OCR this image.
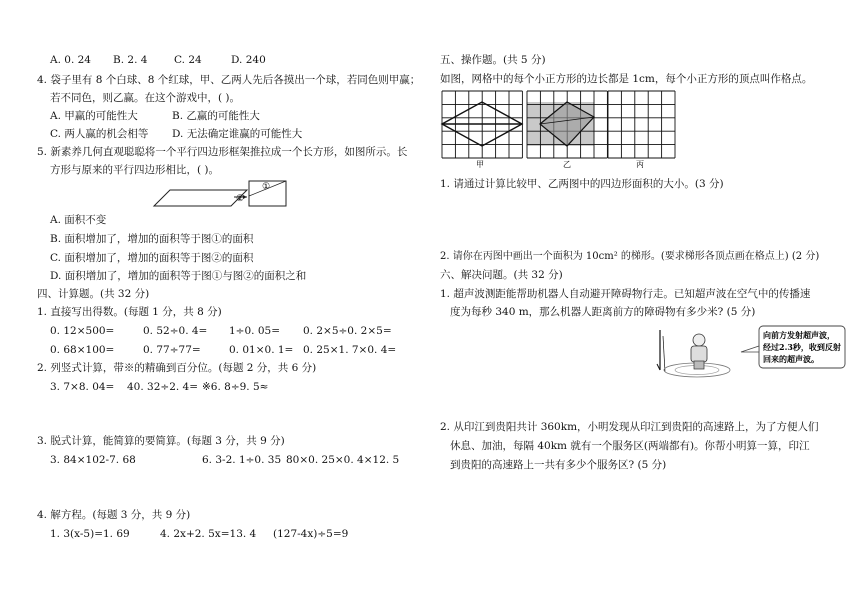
A. 0. 24 B. 2. 4	C. 24	D. 240
4. 袋子里有 8 个白球、8 个红球，甲、乙两人先后各摸出一个球，若同色则甲赢；
若不同色，则乙赢。在这个游戏中，( )。
A. 甲赢的可能性大	B. 乙赢的可能性大
C. 两人赢的机会相等 D. 无法确定谁赢的可能性大
5. 新素养几何直观聪聪将一个平行四边形框架推拉成一个长方形，如图所示。长
方形与原来的平行四边形相比，( )。
①
②
A. 面积不变
B. 面积增加了，增加的面积等于图①的面积
C. 面积增加了，增加的面积等于图②的面积
D. 面积增加了，增加的面积等于图①与图②的面积之和
四、计算题。(共 32 分)
1. 直接写出得数。(每题 1 分，共 8 分)
0. 12×500=	0. 52÷0. 4= 1÷0. 05= 0. 2×5÷0. 2×5=
0. 68×100=	0. 77÷77=	0. 01×0. 1= 0. 25×1. 7×0. 4=
2. 列竖式计算，带※的精确到百分位。(每题 2 分，共 6 分)
3. 7×8. 04= 40. 32÷2. 4= ※6. 8÷9. 5≈
3. 脱式计算，能简算的要简算。(每题 3 分，共 9 分)
3. 84×102-7. 68	6. 3-2. 1÷0. 35 80×0. 25×0. 4×12. 5
4. 解方程。(每题 3 分，共 9 分)
1. 3(x-5)=1. 69	4. 2x+2. 5x=13. 4 (127-4x)÷5=9
五、操作题。(共 5 分)
如图，网格中的每个小正方形的边长都是 1cm，每个小正方形的顶点叫作格点。
甲	乙	丙
1. 请通过计算比较甲、乙两图中的四边形面积的大小。(3 分)
2. 请你在丙图中画出一个面积为 10cm² 的梯形。(要求梯形各顶点画在格点上) (2 分)
六、解决问题。(共 32 分)
1. 超声波测距能帮助机器人自动避开障碍物行走。已知超声波在空气中的传播速
度为每秒 340 m，那么机器人距离前方的障碍物有多少米? (5 分)
向前方发射超声波，
经过2.3秒，收到反射
回来的超声波。
2. 从印江到贵阳共计 360km，小明发现从印江到贵阳的高速路上，为了方便人们
休息、加油，每隔 40km 就有一个服务区(两端都有)。你帮小明算一算，印江
到贵阳的高速路上一共有多少个服务区? (5 分)
